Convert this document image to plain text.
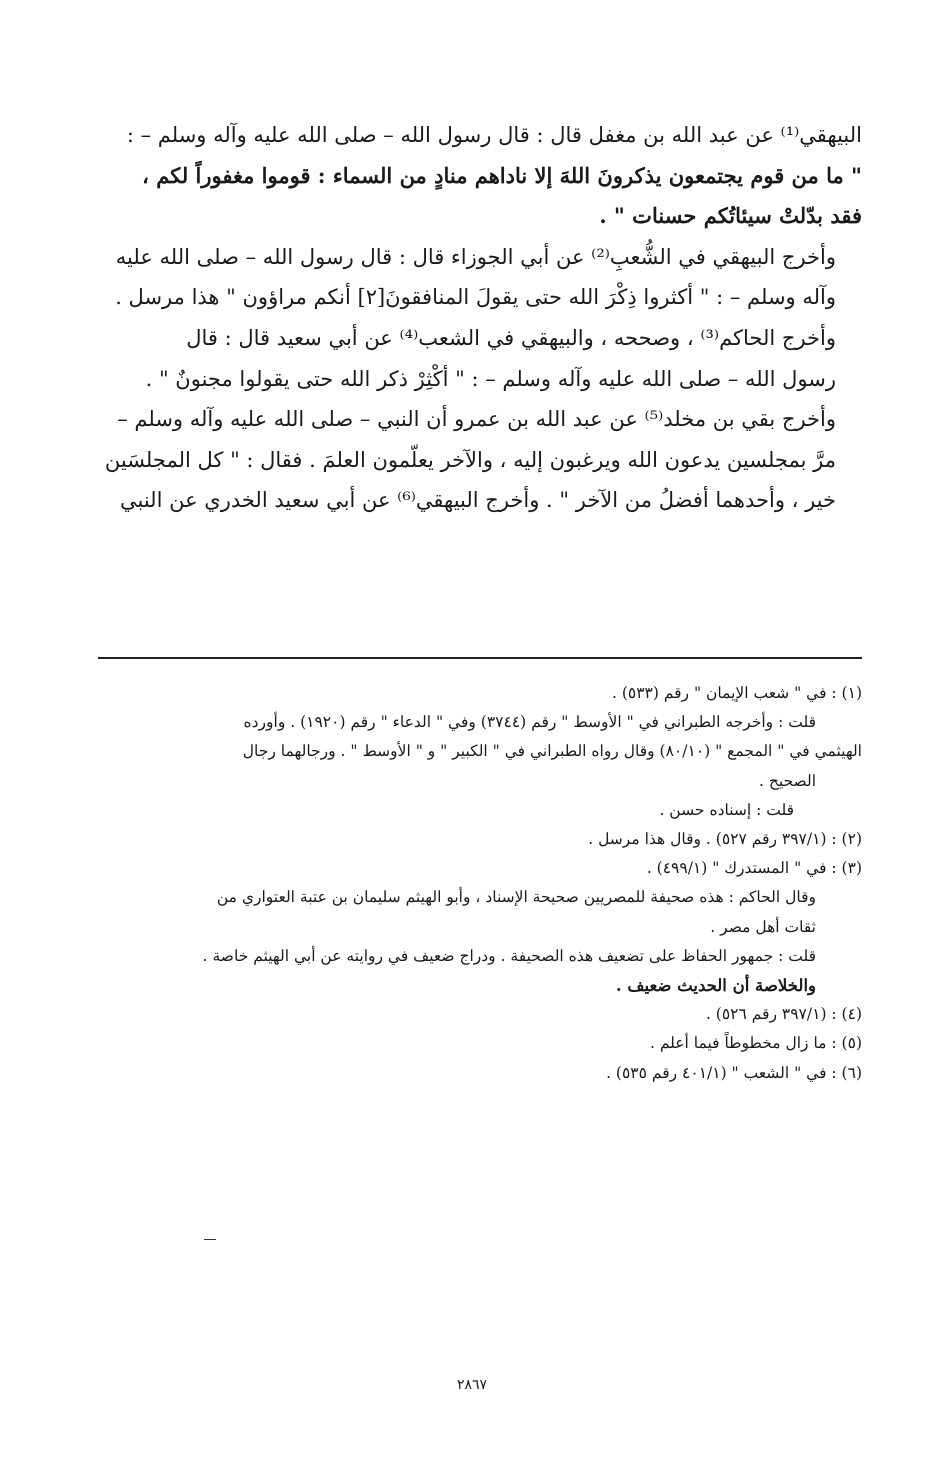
البيهقي⁽¹⁾ عن عبد الله بن مغفل قال : قال رسول الله – صلى الله عليه وآله وسلم – :
" ما من قوم يجتمعون يذكرونَ اللهَ إلا ناداهم منادٍ من السماء : قوموا مغفوراً لكم ،
فقد بدّلتْ سيئاتُكم حسنات " .

وأخرج البيهقي في الشُّعبِ⁽²⁾ عن أبي الجوزاء قال : قال رسول الله – صلى الله عليه
وآله وسلم – : " أكثروا ذِكْرَ الله حتى يقولَ المنافقونَ[٢] أنكم مراؤون " هذا مرسل .

وأخرج الحاكم⁽³⁾ ، وصححه ، والبيهقي في الشعب⁽⁴⁾ عن أبي سعيد قال : قال
رسول الله – صلى الله عليه وآله وسلم – : " أكْثِرْ ذكر الله حتى يقولوا مجنونٌ " .

وأخرج بقي بن مخلد⁽⁵⁾ عن عبد الله بن عمرو أن النبي – صلى الله عليه وآله وسلم –
مرَّ بمجلسين يدعون الله ويرغبون إليه ، والآخر يعلّمون العلمَ . فقال : " كل المجلسَين
خير ، وأحدهما أفضلُ من الآخر " . وأخرج البيهقي⁽⁶⁾ عن أبي سعيد الخدري عن النبي

(١) : في " شعب الإيمان " رقم (٥٣٣) .
قلت : وأخرجه الطبراني في " الأوسط " رقم (٣٧٤٤) وفي " الدعاء " رقم (١٩٢٠) . وأورده
الهيثمي في " المجمع " (٨٠/١٠) وقال رواه الطبراني في " الكبير " و " الأوسط " . ورجالهما رجال
الصحيح .
قلت : إسناده حسن .
(٢) : (٣٩٧/١ رقم ٥٢٧) . وقال هذا مرسل .
(٣) : في " المستدرك " (٤٩٩/١) .
وقال الحاكم : هذه صحيفة للمصريين صحيحة الإسناد ، وأبو الهيثم سليمان بن عتبة العتواري من
ثقات أهل مصر .
قلت : جمهور الحفاظ على تضعيف هذه الصحيفة . ودراج ضعيف في روايته عن أبي الهيثم خاصة .
والخلاصة أن الحديث ضعيف .
(٤) : (٣٩٧/١ رقم ٥٢٦) .
(٥) : ما زال مخطوطاً فيما أعلم .
(٦) : في " الشعب " (٤٠١/١ رقم ٥٣٥) .
٢٨٦٧
